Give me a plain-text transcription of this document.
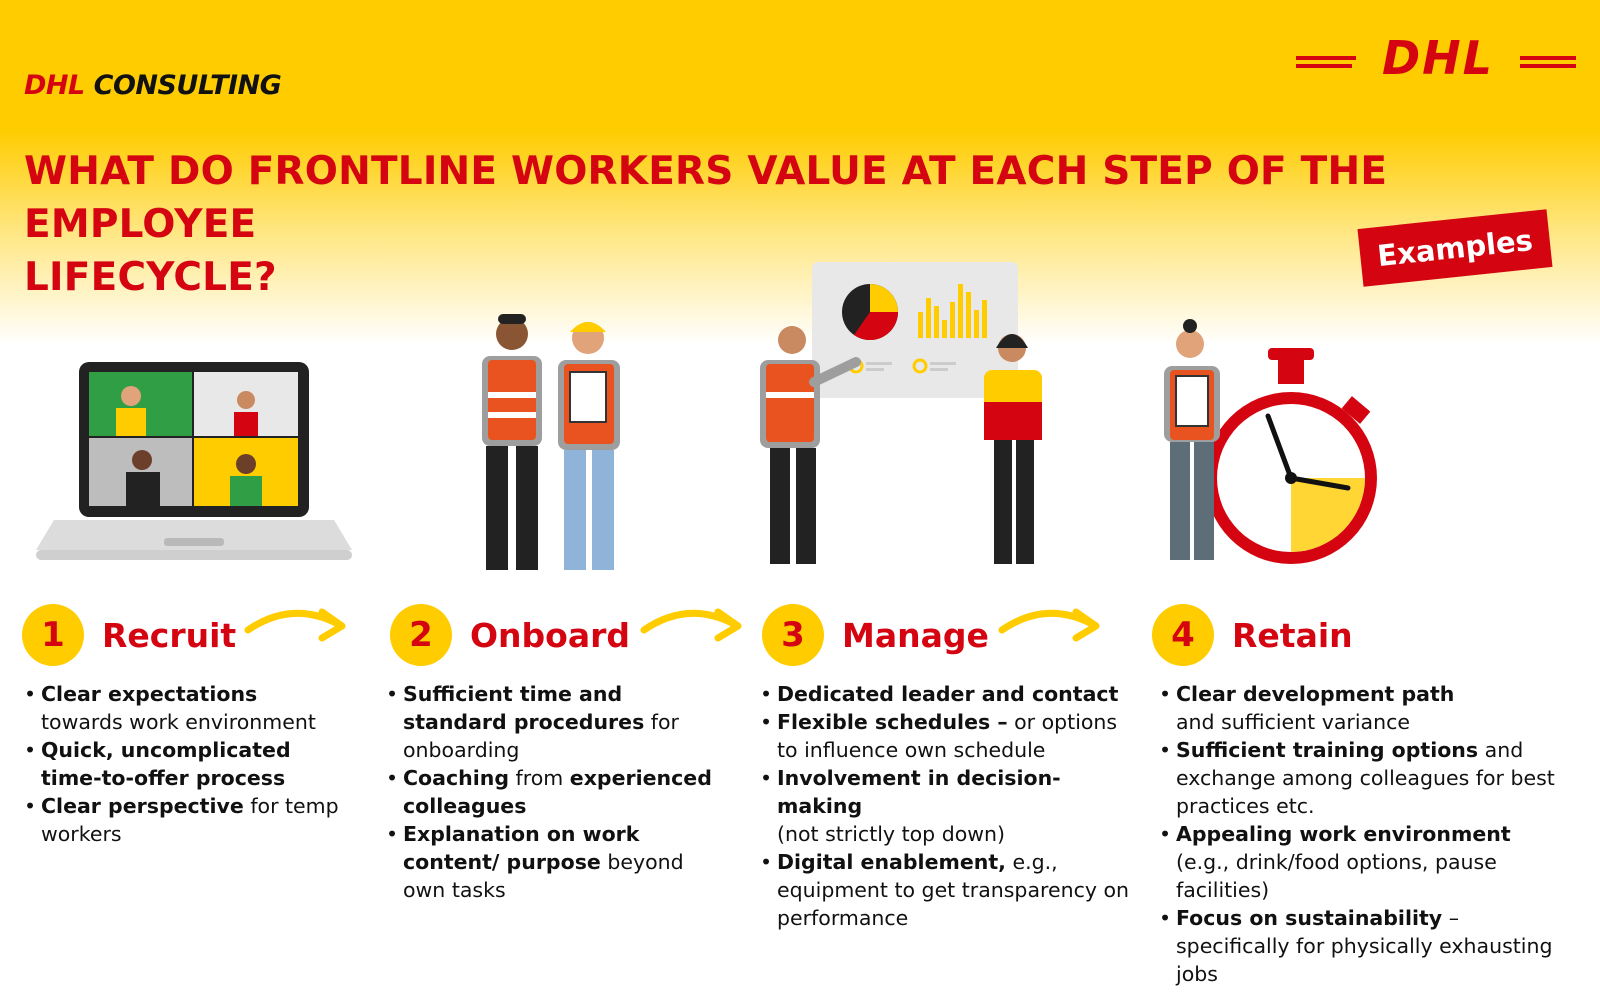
DHL CONSULTING
DHL
WHAT DO FRONTLINE WORKERS VALUE AT EACH STEP OF THE EMPLOYEE
LIFECYCLE?
Examples
1	Recruit	2	Onboard	3	Manage	4	Retain
• Clear expectations
towards work environment
• Quick, uncomplicated time-to-offer process
• Clear perspective for temp workers
• Sufficient time and standard procedures for onboarding
• Coaching from experienced colleagues
• Explanation on work content/ purpose beyond own tasks
• Dedicated leader and contact
• Flexible schedules – or options to influence own schedule
• Involvement in decision-making
(not strictly top down)
• Digital enablement, e.g., equipment to get transparency on performance
• Clear development path
and sufficient variance
• Sufficient training options and exchange among colleagues for best practices etc.
• Appealing work environment (e.g., drink/food options, pause facilities)
• Focus on sustainability – specifically for physically exhausting jobs
